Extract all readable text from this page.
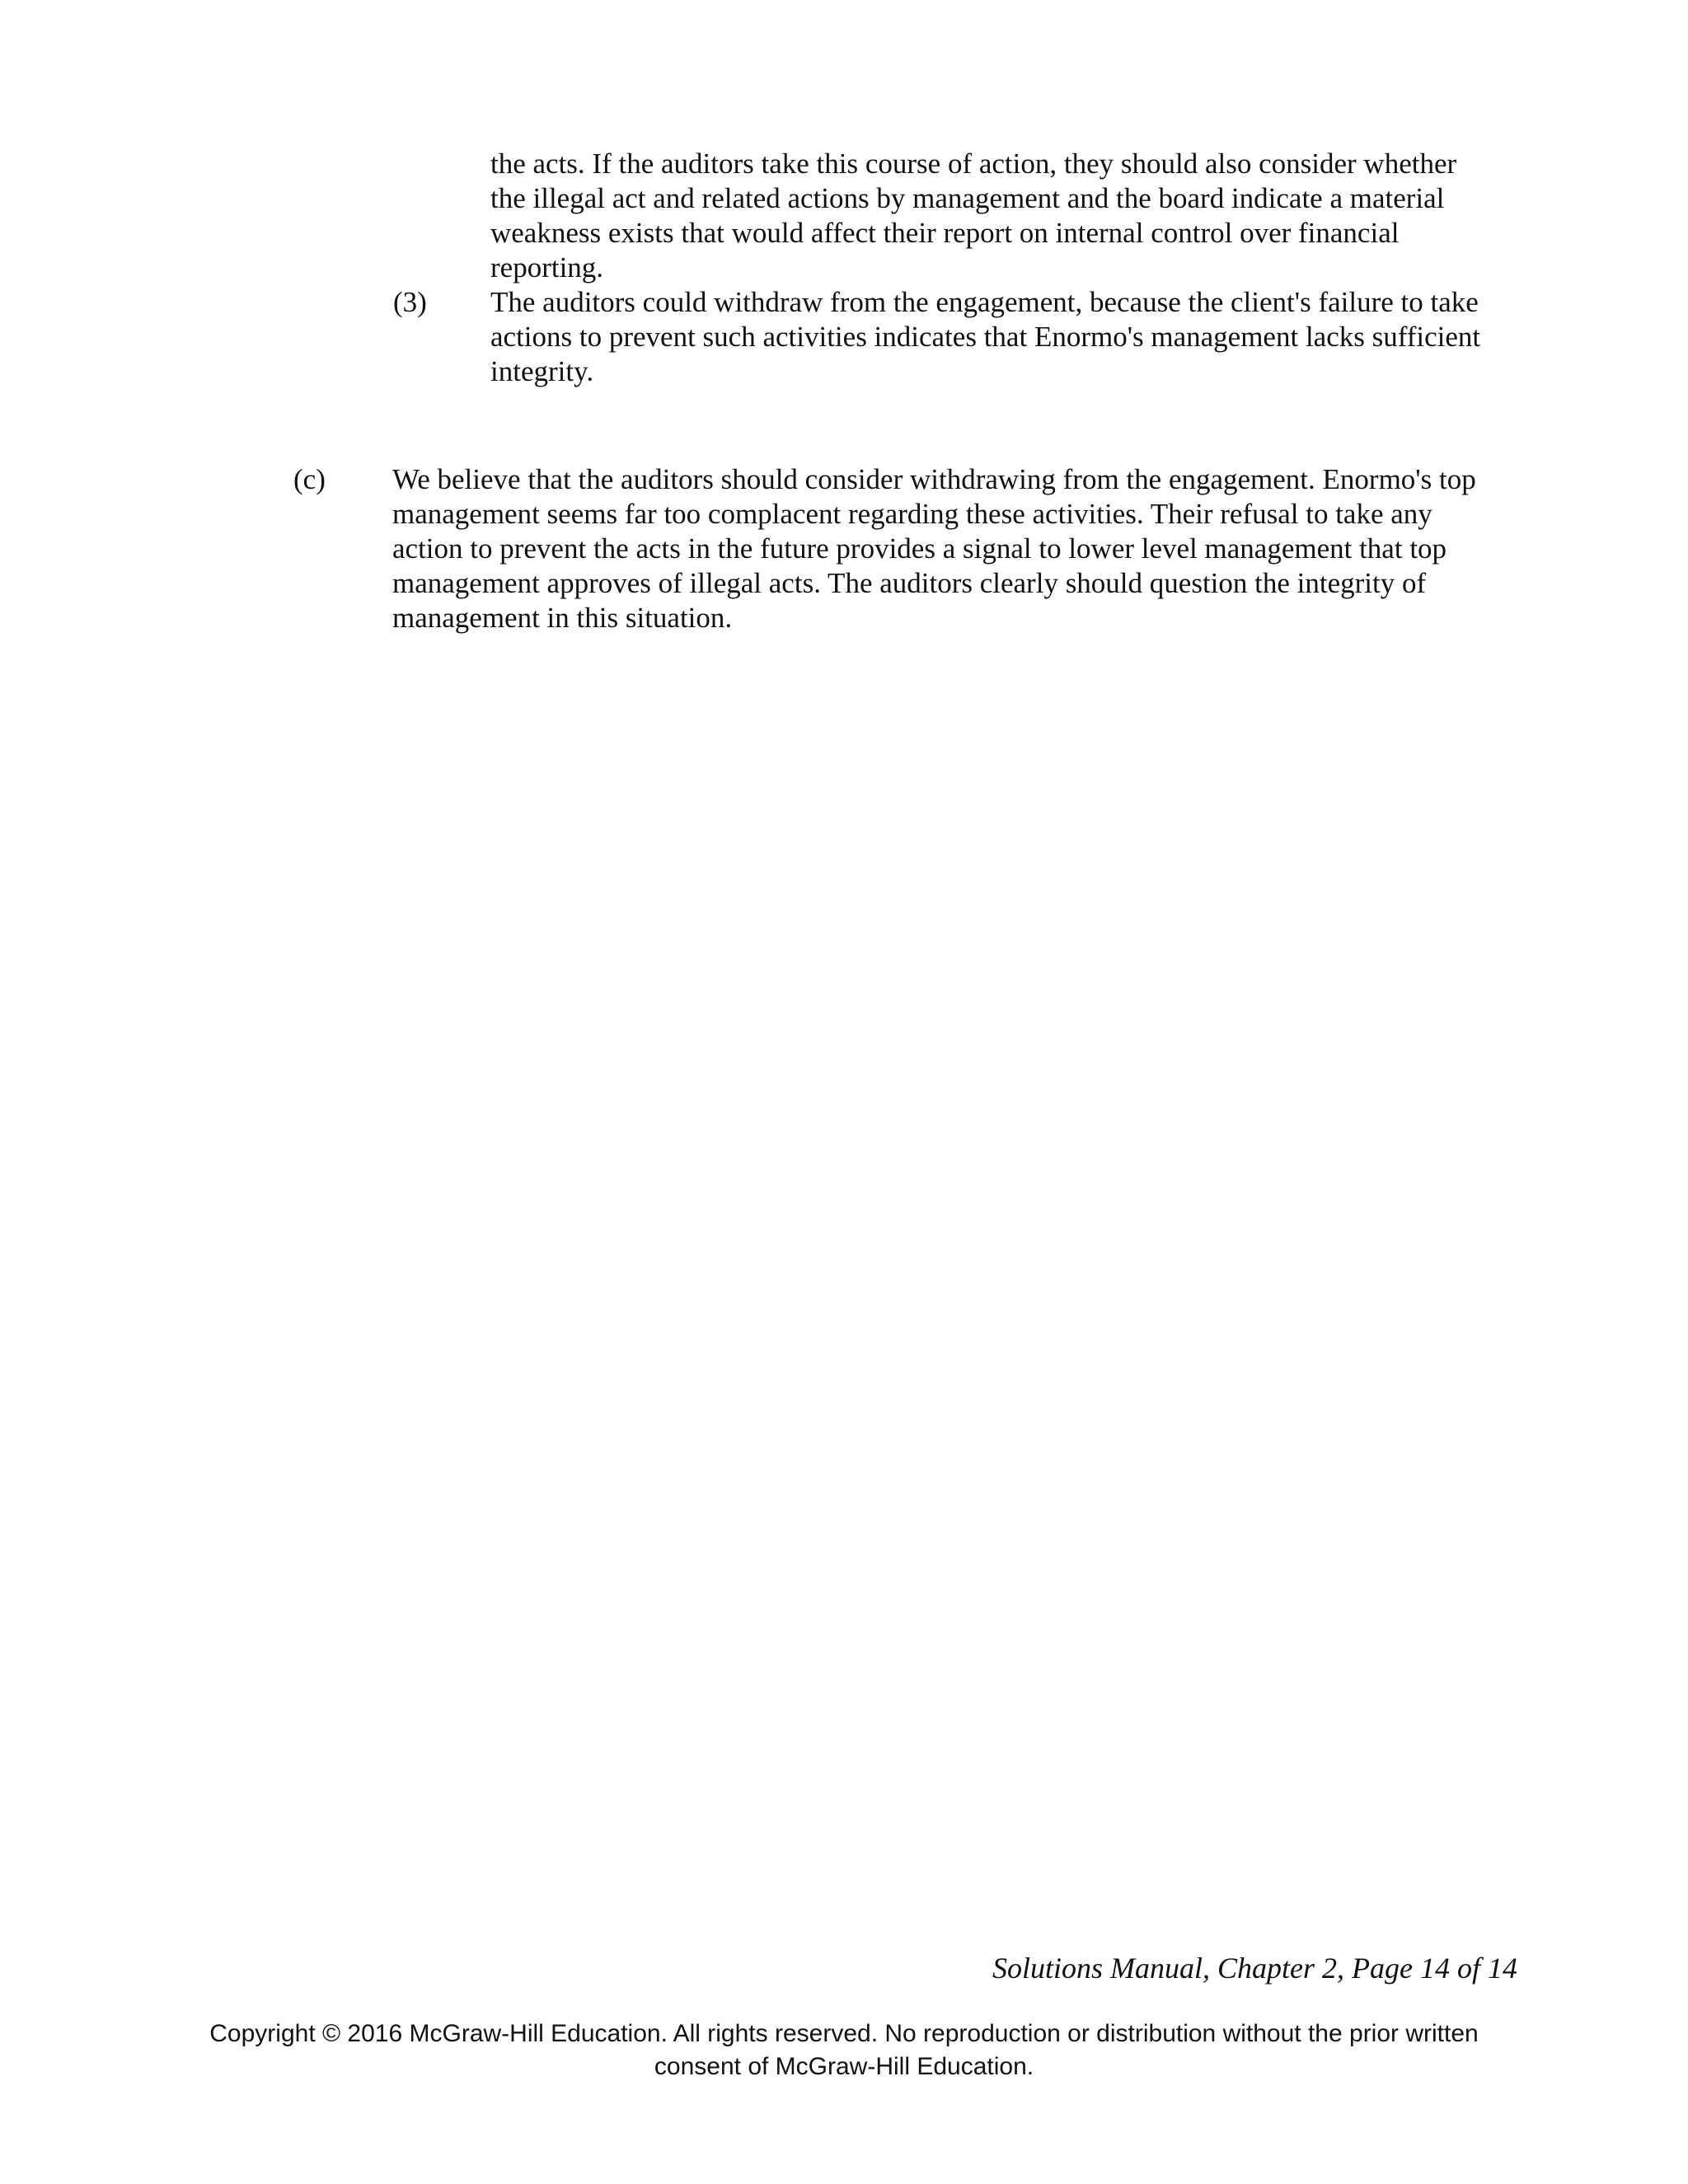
the acts. If the auditors take this course of action, they should also consider whether
the illegal act and related actions by management and the board indicate a material
weakness exists that would affect their report on internal control over financial
reporting.

(3) The auditors could withdraw from the engagement, because the client's failure to take
actions to prevent such activities indicates that Enormo's management lacks sufficient
integrity.

(c) We believe that the auditors should consider withdrawing from the engagement. Enormo's top
management seems far too complacent regarding these activities. Their refusal to take any
action to prevent the acts in the future provides a signal to lower level management that top
management approves of illegal acts. The auditors clearly should question the integrity of
management in this situation.

Solutions Manual, Chapter 2, Page 14 of 14
Copyright © 2016 McGraw-Hill Education. All rights reserved. No reproduction or distribution without the prior written
consent of McGraw-Hill Education.
